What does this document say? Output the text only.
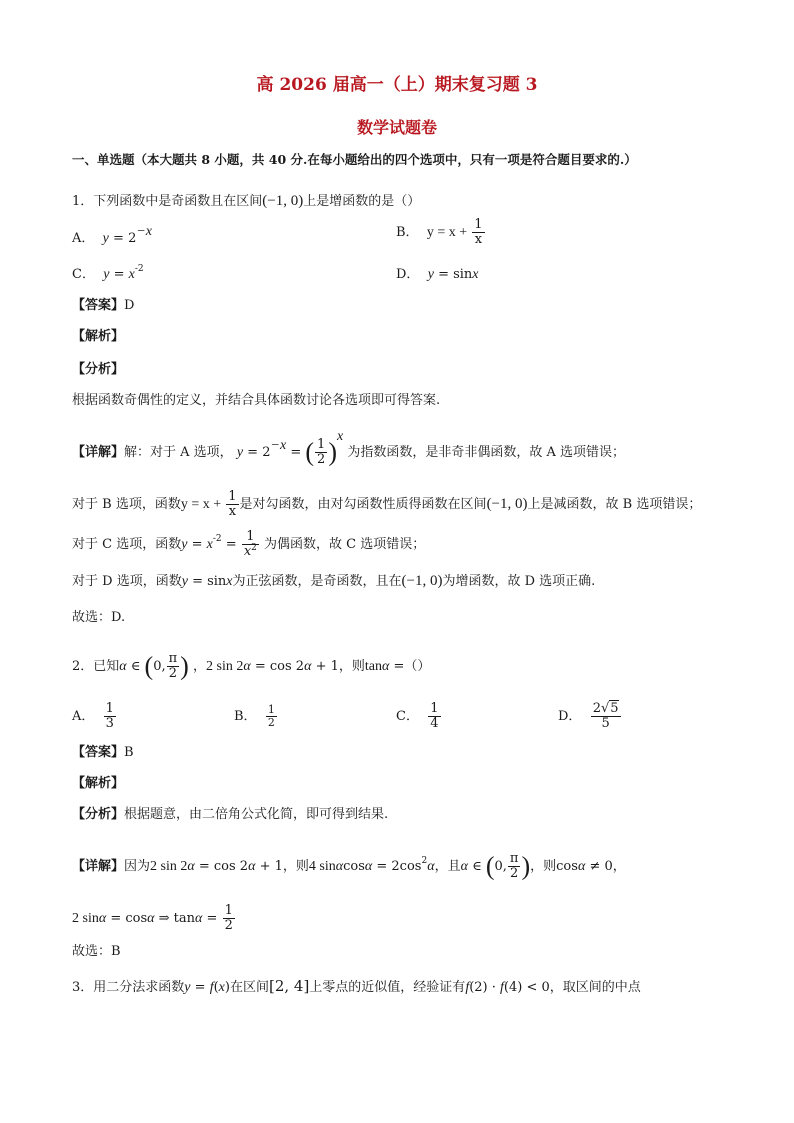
高 2026 届高一（上）期末复习题 3
数学试题卷
一、单选题（本大题共 8 小题，共 40 分.在每小题给出的四个选项中，只有一项是符合题目要求的.）
1．下列函数中是奇函数且在区间(−1, 0)上是增函数的是（）
A． $y = 2^{-x}$	B． $y = x + \frac{1}{x}$
C． $y = x^{-2}$	D． y = sinx
【答案】D
【解析】
【分析】
根据函数奇偶性的定义，并结合具体函数讨论各选项即可得答案.
【详解】解：对于 A 选项， $y = 2^{-x}$ = ( $\frac{1}{2} )^x$ 为指数函数，是非奇非偶函数，故 A 选项错误；
对于 B 选项，函数$y = x + \frac{1}{x}$ 是对勾函数，由对勾函数性质得函数在区间(−1, 0)上是减函数，故 B 选项错误；
对于 C 选项，函数$y = x^{-2} = \frac{1}{x^2}$ 为偶函数，故 C 选项错误；
对于 D 选项，函数y = sinx为正弦函数，是奇函数，且在(−1, 0)为增函数，故 D 选项正确.
故选：D.
2．已知α ∈ (0, $\frac{\pi}{2}$ ) ，2 sin 2α = cos 2α + 1，则tanα =（）
A． $\frac{1}{3}$	B． $\frac{1}{2}$	C． $\frac{1}{4}$	D． $\frac{2√5}{5}$
【答案】B
【解析】
【分析】根据题意，由二倍角公式化简，即可得到结果.
【详解】因为2 sin 2α = cos 2α + 1，则4 $\sin\alpha\cos\alpha = 2\cos^2\alpha$，且α ∈ (0, $\frac{\pi}{2}$ )，则cosα ≠ 0，
2 sinα = cosα ⇒ $\tan\alpha = \frac{1}{2}$
故选：B
3．用二分法求函数y = f(x)在区间[2, 4]上零点的近似值，经验证有f(2) · f(4) < 0，取区间的中点
